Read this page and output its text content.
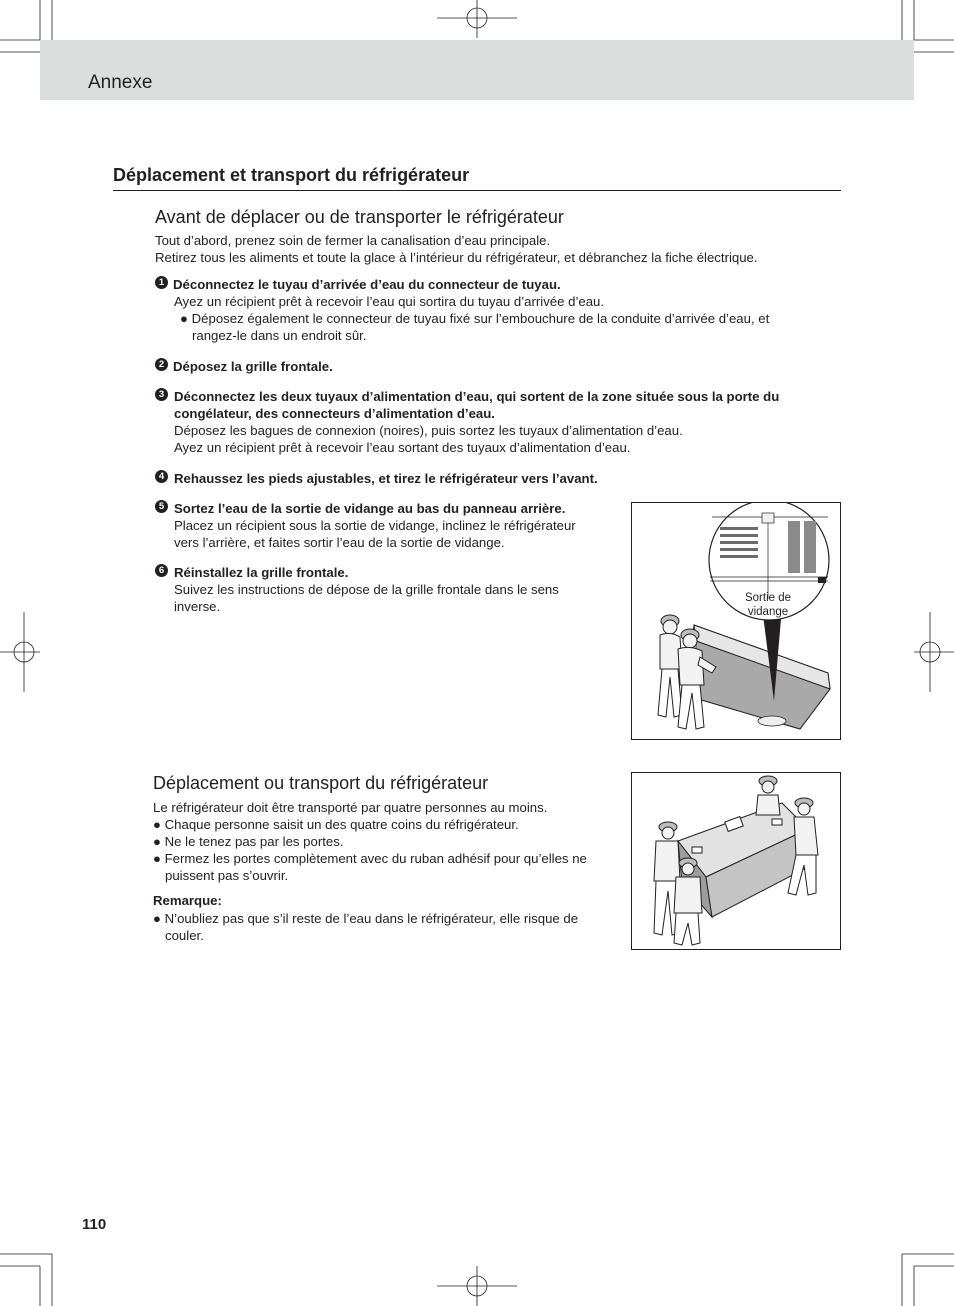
Annexe
Déplacement et transport du réfrigérateur
Avant de déplacer ou de transporter le réfrigérateur
Tout d’abord, prenez soin de fermer la canalisation d’eau principale.
Retirez tous les aliments et toute la glace à l’intérieur du réfrigérateur, et débranchez la fiche électrique.
1 Déconnectez le tuyau d’arrivée d’eau du connecteur de tuyau.
Ayez un récipient prêt à recevoir l’eau qui sortira du tuyau d’arrivée d’eau.
● Déposez également le connecteur de tuyau fixé sur l’embouchure de la conduite d’arrivée d’eau, et
rangez-le dans un endroit sûr.
2 Déposez la grille frontale.
3 Déconnectez les deux tuyaux d’alimentation d’eau, qui sortent de la zone située sous la porte du
congélateur, des connecteurs d’alimentation d’eau.
Déposez les bagues de connexion (noires), puis sortez les tuyaux d’alimentation d’eau.
Ayez un récipient prêt à recevoir l’eau sortant des tuyaux d’alimentation d’eau.
4 Rehaussez les pieds ajustables, et tirez le réfrigérateur vers l’avant.
5 Sortez l’eau de la sortie de vidange au bas du panneau arrière.
Placez un récipient sous la sortie de vidange, inclinez le réfrigérateur
vers l’arrière, et faites sortir l’eau de la sortie de vidange.
6 Réinstallez la grille frontale.
Suivez les instructions de dépose de la grille frontale dans le sens
inverse.
Sortie de
vidange
Déplacement ou transport du réfrigérateur
Le réfrigérateur doit être transporté par quatre personnes au moins.
● Chaque personne saisit un des quatre coins du réfrigérateur.
● Ne le tenez pas par les portes.
● Fermez les portes complètement avec du ruban adhésif pour qu’elles ne
puissent pas s’ouvrir.
Remarque:
● N’oubliez pas que s’il reste de l’eau dans le réfrigérateur, elle risque de
couler.
110
